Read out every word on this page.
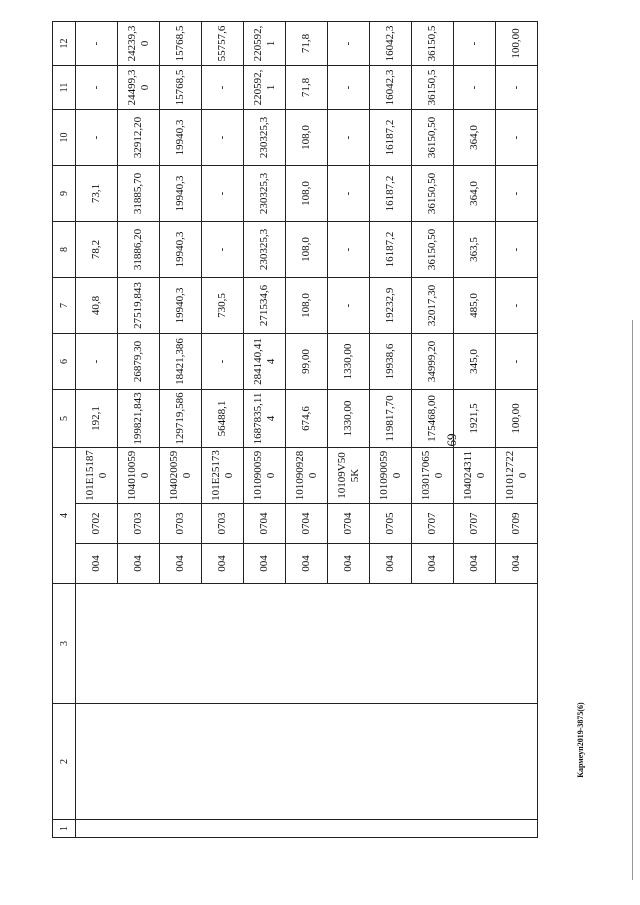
69
1	2	3	4			5	6	7	8	9	10	11	12
			004	0702	101Е151870	192,1	-	40,8	78,2	73,1	-	-	-
			004	0703	1040100590	199821,843	26879,30	27519,843	31886,20	31885,70	32912,20	24499,30	24239,30
			004	0703	1040200590	129719,586	18421,386	19940,3	19940,3	19940,3	19940,3	15768,5	15768,5
			004	0703	101Е251730	56488,1	-	730,5	-	-	-	-	55757,6
			004	0704	1010900590	1687835,114	284140,414	271534,6	230325,3	230325,3	230325,3	220592,1	220592,1
			004	0704	1010909280	674,6	99,00	108,0	108,0	108,0	108,0	71,8	71,8
			004	0704	10109V505K	1330,00	1330,00	-	-	-	-	-	-
			004	0705	1010900590	119817,70	19938,6	19232,9	16187,2	16187,2	16187,2	16042,3	16042,3
			004	0707	1030170650	175468,00	34999,20	32017,30	36150,50	36150,50	36150,50	36150,5	36150,5
			004	0707	1040243110	1921,5	345,0	485,0	363,5	364,0	364,0	-	-
			004	0709	1010127220	100,00	-	-	-	-	-	-	100,00
Кармеуп2019-3875(6)
